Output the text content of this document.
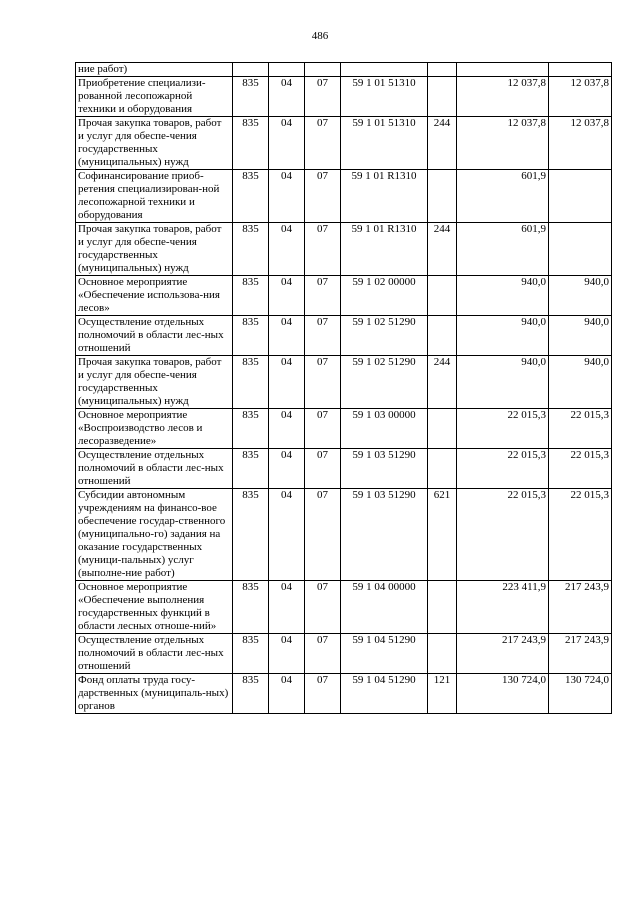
486
ние работ)							
Приобретение специализи-рованной лесопожарной техники и оборудования	835	04	07	59 1 01 51310		12 037,8	12 037,8
Прочая закупка товаров, работ и услуг для обеспе-чения государственных (муниципальных) нужд	835	04	07	59 1 01 51310	244	12 037,8	12 037,8
Софинансирование приоб-ретения специализирован-ной лесопожарной техники и оборудования	835	04	07	59 1 01 R1310		601,9	
Прочая закупка товаров, работ и услуг для обеспе-чения государственных (муниципальных) нужд	835	04	07	59 1 01 R1310	244	601,9	
Основное мероприятие «Обеспечение использова-ния лесов»	835	04	07	59 1 02 00000		940,0	940,0
Осуществление отдельных полномочий в области лес-ных отношений	835	04	07	59 1 02 51290		940,0	940,0
Прочая закупка товаров, работ и услуг для обеспе-чения государственных (муниципальных) нужд	835	04	07	59 1 02 51290	244	940,0	940,0
Основное мероприятие «Воспроизводство лесов и лесоразведение»	835	04	07	59 1 03 00000		22 015,3	22 015,3
Осуществление отдельных полномочий в области лес-ных отношений	835	04	07	59 1 03 51290		22 015,3	22 015,3
Субсидии автономным учреждениям на финансо-вое обеспечение государ-ственного (муниципально-го) задания на оказание государственных (муници-пальных) услуг (выполне-ние работ)	835	04	07	59 1 03 51290	621	22 015,3	22 015,3
Основное мероприятие «Обеспечение выполнения государственных функций в области лесных отноше-ний»	835	04	07	59 1 04 00000		223 411,9	217 243,9
Осуществление отдельных полномочий в области лес-ных отношений	835	04	07	59 1 04 51290		217 243,9	217 243,9
Фонд оплаты труда госу-дарственных (муниципаль-ных) органов	835	04	07	59 1 04 51290	121	130 724,0	130 724,0
